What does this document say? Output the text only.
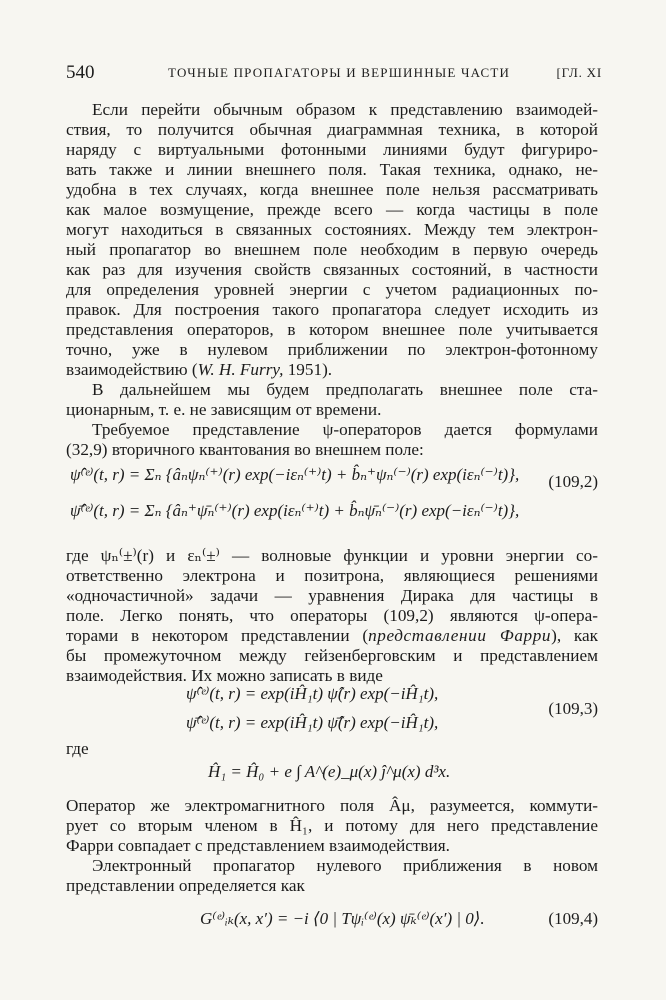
540	ТОЧНЫЕ ПРОПАГАТОРЫ И ВЕРШИННЫЕ ЧАСТИ	[ГЛ. XI
Если перейти обычным образом к представлению взаимодей-
ствия, то получится обычная диаграммная техника, в которой
наряду с виртуальными фотонными линиями будут фигуриро-
вать также и линии внешнего поля. Такая техника, однако, не-
удобна в тех случаях, когда внешнее поле нельзя рассматривать
как малое возмущение, прежде всего — когда частицы в поле
могут находиться в связанных состояниях. Между тем электрон-
ный пропагатор во внешнем поле необходим в первую очередь
как раз для изучения свойств связанных состояний, в частности
для определения уровней энергии с учетом радиационных по-
правок. Для построения такого пропагатора следует исходить из
представления операторов, в котором внешнее поле учитывается
точно, уже в нулевом приближении по электрон-фотонному
взаимодействию (W. H. Furry, 1951).
В дальнейшем мы будем предполагать внешнее поле ста-
ционарным, т. е. не зависящим от времени.
Требуемое представление ψ-операторов дается формулами
(32,9) вторичного квантования во внешнем поле:
ψ̂⁽ᵉ⁾(t, r) = Σₙ {âₙψₙ⁽⁺⁾(r) exp(−iεₙ⁽⁺⁾t) + b̂ₙ⁺ψₙ⁽⁻⁾(r) exp(iεₙ⁽⁻⁾t)}, (109,2)
ψ̄̂⁽ᵉ⁾(t, r) = Σₙ {âₙ⁺ψ̄ₙ⁽⁺⁾(r) exp(iεₙ⁽⁺⁾t) + b̂ₙψ̄ₙ⁽⁻⁾(r) exp(−iεₙ⁽⁻⁾t)},
где ψₙ⁽±⁾(r) и εₙ⁽±⁾ — волновые функции и уровни энергии со-
ответственно электрона и позитрона, являющиеся решениями
«одночастичной» задачи — уравнения Дирака для частицы в
поле. Легко понять, что операторы (109,2) являются ψ-опера-
торами в некотором представлении (представлении Фарри), как
бы промежуточном между гейзенберговским и представлением
взаимодействия. Их можно записать в виде
ψ̂⁽ᵉ⁾(t, r) = exp(iĤ₁t) ψ̂(r) exp(−iĤ₁t),
ψ̄̂⁽ᵉ⁾(t, r) = exp(iĤ₁t) ψ̄̂(r) exp(−iĤ₁t),
(109,3)
где
Ĥ₁ = Ĥ₀ + e ∫ A^(e)_μ(x) ĵ^μ(x) d³x.
Оператор же электромагнитного поля Âμ, разумеется, коммути-
рует со вторым членом в Ĥ₁, и потому для него представление
Фарри совпадает с представлением взаимодействия.
Электронный пропагатор нулевого приближения в новом
представлении определяется как
G⁽ᵉ⁾ᵢₖ(x, x′) = −i ⟨0 | Tψᵢ⁽ᵉ⁾(x) ψ̄ₖ⁽ᵉ⁾(x′) | 0⟩.	(109,4)
